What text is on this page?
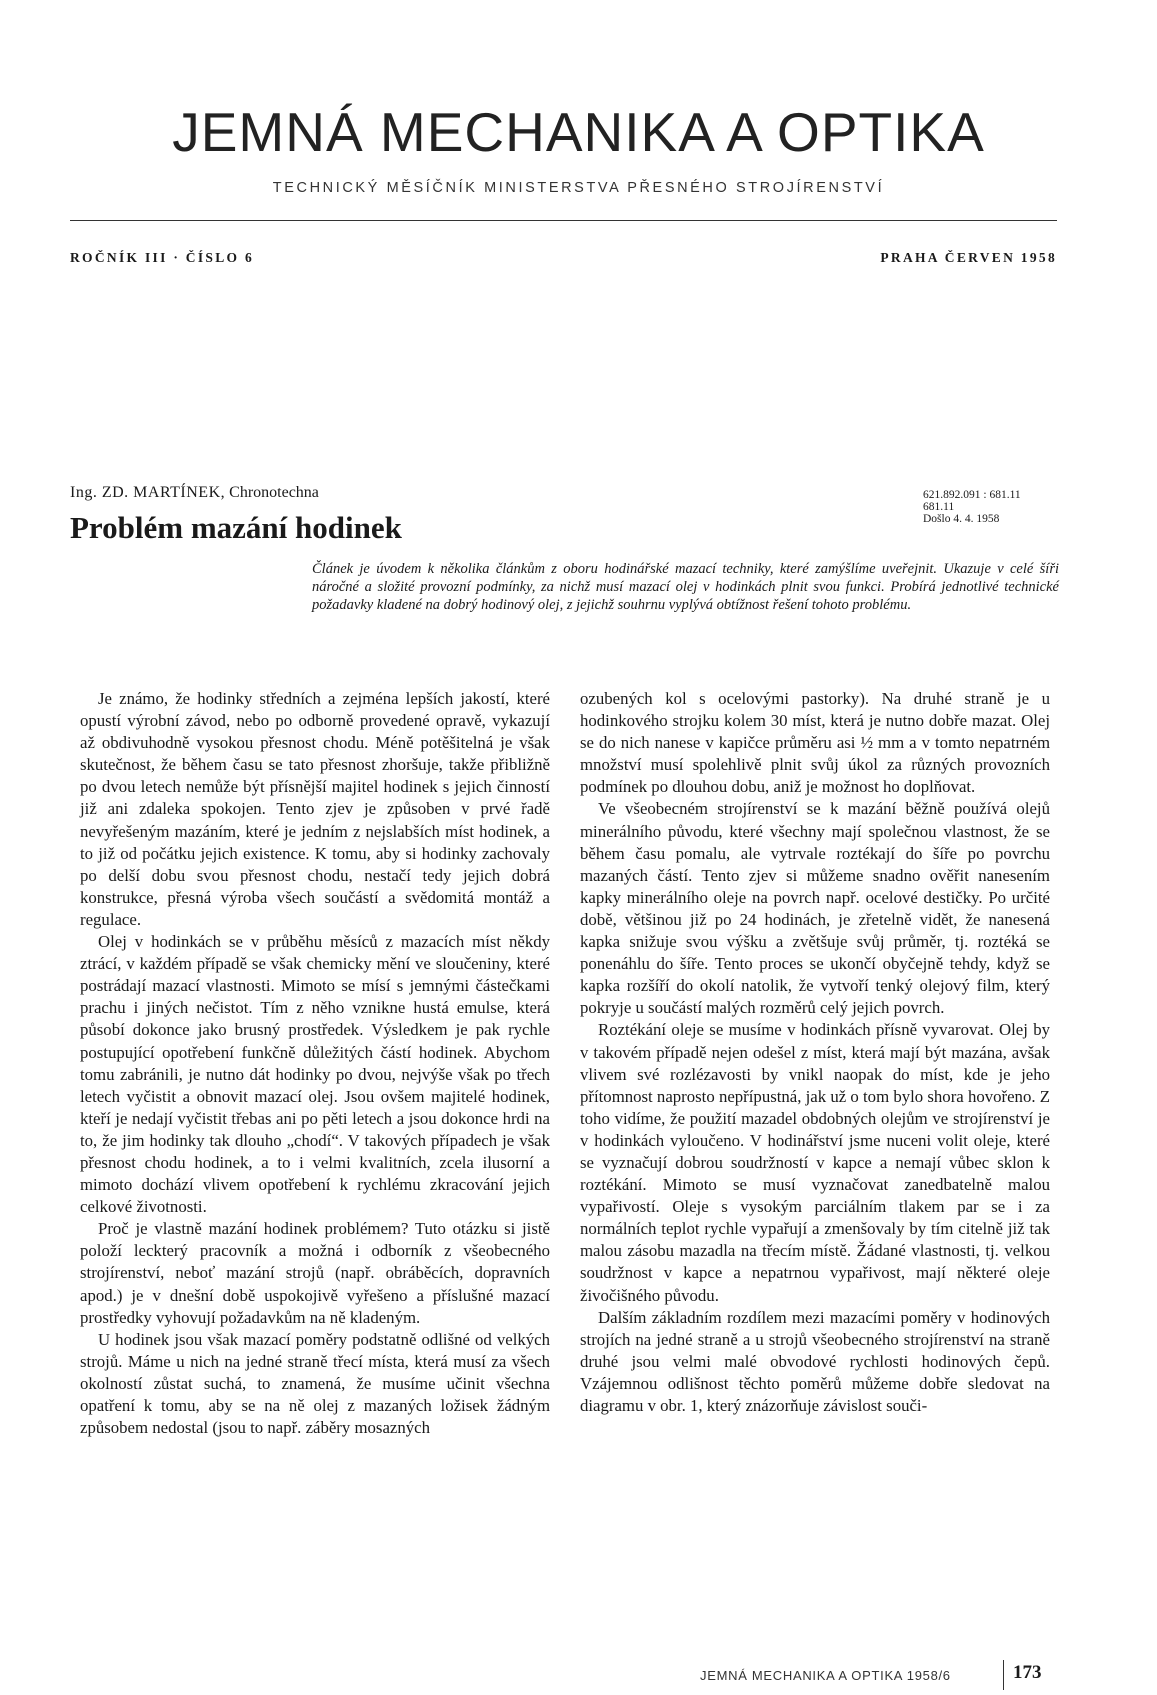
JEMNÁ MECHANIKA A OPTIKA
TECHNICKÝ MĚSÍČNÍK MINISTERSTVA PŘESNÉHO STROJÍRENSTVÍ
ROČNÍK III · ČÍSLO 6	PRAHA ČERVEN 1958
Ing. ZD. MARTÍNEK, Chronotechna
Problém mazání hodinek
621.892.091 : 681.11
681.11
Došlo 4. 4. 1958
Článek je úvodem k několika článkům z oboru hodinářské mazací techniky, které zamýšlíme uveřejnit. Ukazuje v celé šíři náročné a složité provozní podmínky, za nichž musí mazací olej v hodinkách plnit svou funkci. Probírá jednotlivé technické požadavky kladené na dobrý hodinový olej, z jejichž souhrnu vyplývá obtížnost řešení tohoto problému.

Je známo, že hodinky středních a zejména lepších jakostí, které opustí výrobní závod, nebo po odborně provedené opravě, vykazují až obdivuhodně vysokou přesnost chodu. Méně potěšitelná je však skutečnost, že během času se tato přesnost zhoršuje, takže přibližně po dvou letech nemůže být přísnější majitel hodinek s jejich činností již ani zdaleka spokojen. Tento zjev je způsoben v prvé řadě nevyřešeným mazáním, které je jedním z nejslabších míst hodinek, a to již od počátku jejich existence. K tomu, aby si hodinky zachovaly po delší dobu svou přesnost chodu, nestačí tedy jejich dobrá konstrukce, přesná výroba všech součástí a svědomitá montáž a regulace.

Olej v hodinkách se v průběhu měsíců z mazacích míst někdy ztrácí, v každém případě se však chemicky mění ve sloučeniny, které postrádají mazací vlastnosti. Mimoto se mísí s jemnými částečkami prachu i jiných nečistot. Tím z něho vznikne hustá emulse, která působí dokonce jako brusný prostředek. Výsledkem je pak rychle postupující opotřebení funkčně důležitých částí hodinek. Abychom tomu zabránili, je nutno dát hodinky po dvou, nejvýše však po třech letech vyčistit a obnovit mazací olej. Jsou ovšem majitelé hodinek, kteří je nedají vyčistit třebas ani po pěti letech a jsou dokonce hrdi na to, že jim hodinky tak dlouho „chodí“. V takových případech je však přesnost chodu hodinek, a to i velmi kvalitních, zcela ilusorní a mimoto dochází vlivem opotřebení k rychlému zkracování jejich celkové životnosti.

Proč je vlastně mazání hodinek problémem? Tuto otázku si jistě položí leckterý pracovník a možná i odborník z všeobecného strojírenství, neboť mazání strojů (např. obráběcích, dopravních apod.) je v dnešní době uspokojivě vyřešeno a příslušné mazací prostředky vyhovují požadavkům na ně kladeným.

U hodinek jsou však mazací poměry podstatně odlišné od velkých strojů. Máme u nich na jedné straně třecí místa, která musí za všech okolností zůstat suchá, to znamená, že musíme učinit všechna opatření k tomu, aby se na ně olej z mazaných ložisek žádným způsobem nedostal (jsou to např. záběry mosazných

ozubených kol s ocelovými pastorky). Na druhé straně je u hodinkového strojku kolem 30 míst, která je nutno dobře mazat. Olej se do nich nanese v kapičce průměru asi ½ mm a v tomto nepatrném množství musí spolehlivě plnit svůj úkol za různých provozních podmínek po dlouhou dobu, aniž je možnost ho doplňovat.

Ve všeobecném strojírenství se k mazání běžně používá olejů minerálního původu, které všechny mají společnou vlastnost, že se během času pomalu, ale vytrvale roztékají do šíře po povrchu mazaných částí. Tento zjev si můžeme snadno ověřit nanesením kapky minerálního oleje na povrch např. ocelové destičky. Po určité době, většinou již po 24 hodinách, je zřetelně vidět, že nanesená kapka snižuje svou výšku a zvětšuje svůj průměr, tj. roztéká se ponenáhlu do šíře. Tento proces se ukončí obyčejně tehdy, když se kapka rozšíří do okolí natolik, že vytvoří tenký olejový film, který pokryje u součástí malých rozměrů celý jejich povrch.

Roztékání oleje se musíme v hodinkách přísně vyvarovat. Olej by v takovém případě nejen odešel z míst, která mají být mazána, avšak vlivem své rozlézavosti by vnikl naopak do míst, kde je jeho přítomnost naprosto nepřípustná, jak už o tom bylo shora hovořeno. Z toho vidíme, že použití mazadel obdobných olejům ve strojírenství je v hodinkách vyloučeno. V hodinářství jsme nuceni volit oleje, které se vyznačují dobrou soudržností v kapce a nemají vůbec sklon k roztékání. Mimoto se musí vyznačovat zanedbatelně malou vypařivostí. Oleje s vysokým parciálním tlakem par se i za normálních teplot rychle vypařují a zmenšovaly by tím citelně již tak malou zásobu mazadla na třecím místě. Žádané vlastnosti, tj. velkou soudržnost v kapce a nepatrnou vypařivost, mají některé oleje živočišného původu.

Dalším základním rozdílem mezi mazacími poměry v hodinových strojích na jedné straně a u strojů všeobecného strojírenství na straně druhé jsou velmi malé obvodové rychlosti hodinových čepů. Vzájemnou odlišnost těchto poměrů můžeme dobře sledovat na diagramu v obr. 1, který znázorňuje závislost souči-

JEMNÁ MECHANIKA A OPTIKA 1958/6	173
